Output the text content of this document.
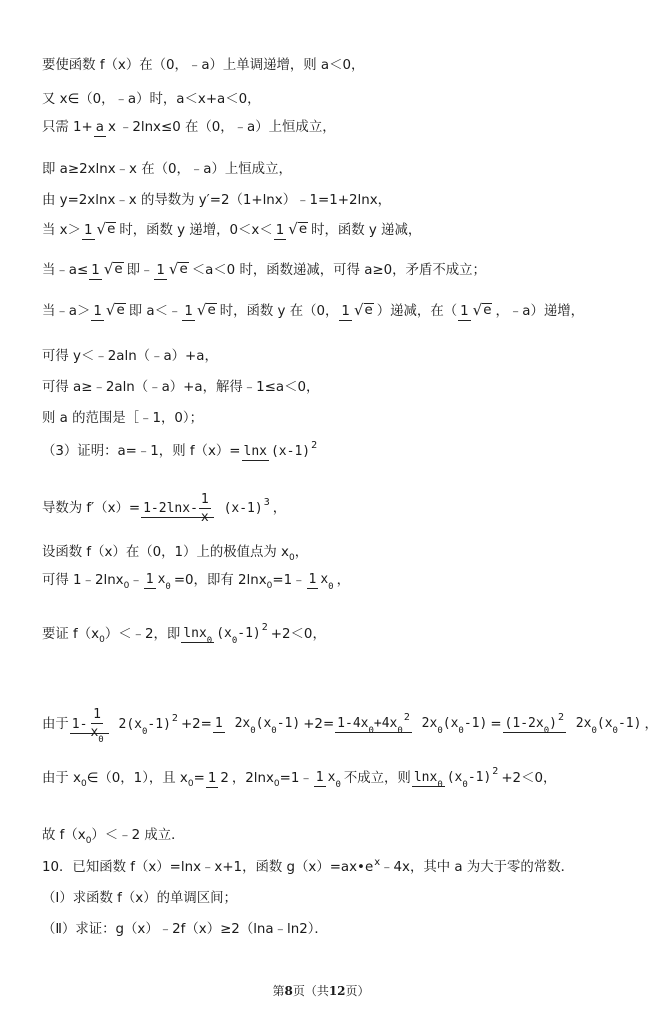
要使函数 f（x）在（0，﹣a）上单调递增，则 a＜0，
又 x∈（0，﹣a）时，a＜x+a＜0，
只需 1+ a x ﹣2lnx≤0 在（0，﹣a）上恒成立，
即 a≥2xlnx﹣x 在（0，﹣a）上恒成立，
由 y=2xlnx﹣x 的导数为 y′=2（1+lnx）﹣1=1+2lnx，
当 x＞ 1 √ e 时，函数 y 递增，0＜x＜ 1 √ e 时，函数 y 递减，
当﹣a≤ 1 √ e 即﹣ 1 √ e ＜a＜0 时，函数递减，可得 a≥0，矛盾不成立；
当﹣a＞ 1 √ e 即 a＜﹣ 1 √ e 时，函数 y 在（0， 1 √ e ）递减，在（ 1 √ e ，﹣a）递增，
可得 y＜﹣2aln（﹣a）+a，
可得 a≥﹣2aln（﹣a）+a，解得﹣1≤a＜0，
则 a 的范围是［﹣1，0）；
（3）证明：a=﹣1，则 f（x）= lnx $(x-1)^2$
导数为 $f'(x)= 1-2\ln x- \frac{1}{x} (x-1)^3$ ，
设函数 f（x）在（0，1）上的极值点为 x 0 ，
可得 1﹣2lnx 0 ﹣ 1 $x_0 =0$，即有 2lnx 0 =1﹣ 1 $x_0$ ，
要证 f（x 0 ）＜﹣2，即 lnx$_0$ $(x_0-1)^2 +2<0$，
由于 $1- \frac{1}{x_0} 2(x_0-1)^2 +2= 1$ $2x_0(x_0-1) +2= 1-4x_0+4x_0^2$ $2x_0(x_0-1) = (1-2x_0)^2$ $2x_0(x_0-1)$ ，
由于 x 0 ∈（0，1），且 x 0 = 1 2 ，2lnx 0 =1﹣ 1 $x_0$ 不成立，则 lnx$_0$ $(x_0-1)^2 +2<0$，
故 f（x 0 ）＜﹣2 成立．
10．已知函数 f（x）=lnx﹣x+1，函数 g（x）=ax•e x ﹣4x，其中 a 为大于零的常数．
（Ⅰ）求函数 f（x）的单调区间；
（Ⅱ）求证：g（x）﹣2f（x）≥2（lna﹣ln2）．
第8页（共12页）
